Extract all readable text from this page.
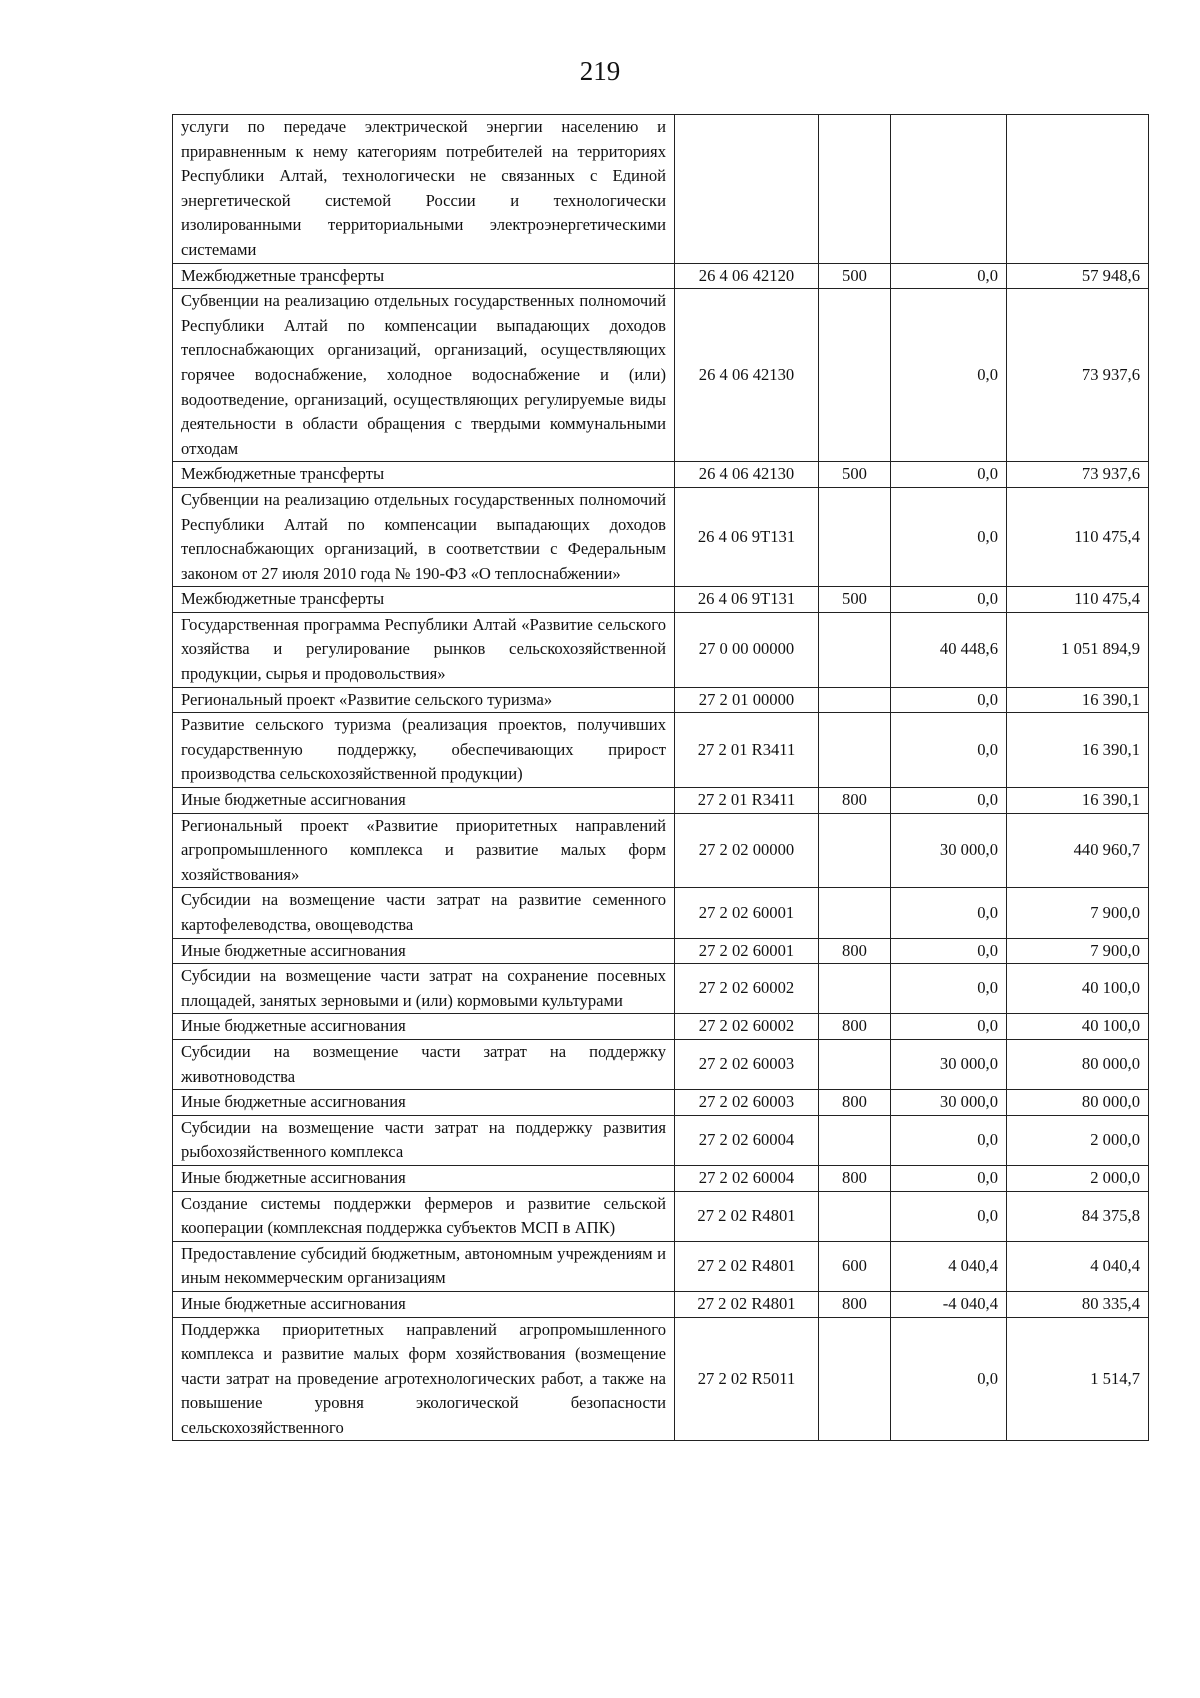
219
услуги по передаче электрической энергии населению и приравненным к нему категориям потребителей на территориях Республики Алтай, технологически не связанных с Единой энергетической системой России и технологически изолированными территориальными электроэнергетическими системами				
Межбюджетные трансферты	26 4 06 42120	500	0,0	57 948,6
Субвенции на реализацию отдельных государственных полномочий Республики Алтай по компенсации выпадающих доходов теплоснабжающих организаций, организаций, осуществляющих горячее водоснабжение, холодное водоснабжение и (или) водоотведение, организаций, осуществляющих регулируемые виды деятельности в области обращения с твердыми коммунальными отходам	26 4 06 42130		0,0	73 937,6
Межбюджетные трансферты	26 4 06 42130	500	0,0	73 937,6
Субвенции на реализацию отдельных государственных полномочий Республики Алтай по компенсации выпадающих доходов теплоснабжающих организаций, в соответствии с Федеральным законом от 27 июля 2010 года № 190-ФЗ «О теплоснабжении»	26 4 06 9Т131		0,0	110 475,4
Межбюджетные трансферты	26 4 06 9Т131	500	0,0	110 475,4
Государственная программа Республики Алтай «Развитие сельского хозяйства и регулирование рынков сельскохозяйственной продукции, сырья и продовольствия»	27 0 00 00000		40 448,6	1 051 894,9
Региональный проект «Развитие сельского туризма»	27 2 01 00000		0,0	16 390,1
Развитие сельского туризма (реализация проектов, получивших государственную поддержку, обеспечивающих прирост производства сельскохозяйственной продукции)	27 2 01 R3411		0,0	16 390,1
Иные бюджетные ассигнования	27 2 01 R3411	800	0,0	16 390,1
Региональный проект «Развитие приоритетных направлений агропромышленного комплекса и развитие малых форм хозяйствования»	27 2 02 00000		30 000,0	440 960,7
Субсидии на возмещение части затрат на развитие семенного картофелеводства, овощеводства	27 2 02 60001		0,0	7 900,0
Иные бюджетные ассигнования	27 2 02 60001	800	0,0	7 900,0
Субсидии на возмещение части затрат на сохранение посевных площадей, занятых зерновыми и (или) кормовыми культурами	27 2 02 60002		0,0	40 100,0
Иные бюджетные ассигнования	27 2 02 60002	800	0,0	40 100,0
Субсидии на возмещение части затрат на поддержку животноводства	27 2 02 60003		30 000,0	80 000,0
Иные бюджетные ассигнования	27 2 02 60003	800	30 000,0	80 000,0
Субсидии на возмещение части затрат на поддержку развития рыбохозяйственного комплекса	27 2 02 60004		0,0	2 000,0
Иные бюджетные ассигнования	27 2 02 60004	800	0,0	2 000,0
Создание системы поддержки фермеров и развитие сельской кооперации (комплексная поддержка субъектов МСП в АПК)	27 2 02 R4801		0,0	84 375,8
Предоставление субсидий бюджетным, автономным учреждениям и иным некоммерческим организациям	27 2 02 R4801	600	4 040,4	4 040,4
Иные бюджетные ассигнования	27 2 02 R4801	800	-4 040,4	80 335,4
Поддержка приоритетных направлений агропромышленного комплекса и развитие малых форм хозяйствования (возмещение части затрат на проведение агротехнологических работ, а также на повышение уровня экологической безопасности сельскохозяйственного	27 2 02 R5011		0,0	1 514,7
